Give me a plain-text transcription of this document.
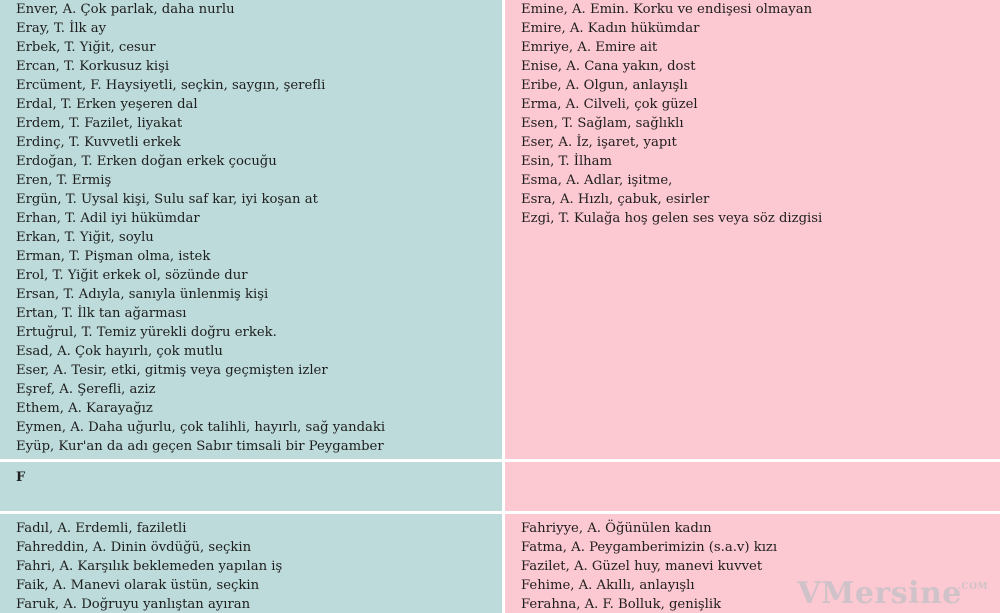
Enver, A. Çok parlak, daha nurlu
Eray, T. İlk ay
Erbek, T. Yiğit, cesur
Ercan, T. Korkusuz kişi
Ercüment, F. Haysiyetli, seçkin, saygın, şerefli
Erdal, T. Erken yeşeren dal
Erdem, T. Fazilet, liyakat
Erdinç, T. Kuvvetli erkek
Erdoğan, T. Erken doğan erkek çocuğu
Eren, T. Ermiş
Ergün, T. Uysal kişi, Sulu saf kar, iyi koşan at
Erhan, T. Adil iyi hükümdar
Erkan, T. Yiğit, soylu
Erman, T. Pişman olma, istek
Erol, T. Yiğit erkek ol, sözünde dur
Ersan, T. Adıyla, sanıyla ünlenmiş kişi
Ertan, T. İlk tan ağarması
Ertuğrul, T. Temiz yürekli doğru erkek.
Esad, A. Çok hayırlı, çok mutlu
Eser, A. Tesir, etki, gitmiş veya geçmişten izler
Eşref, A. Şerefli, aziz
Ethem, A. Karayağız
Eymen, A. Daha uğurlu, çok talihli, hayırlı, sağ yandaki
Eyüp, Kur'an da adı geçen Sabır timsali bir Peygamber
Emine, A. Emin. Korku ve endişesi olmayan
Emire, A. Kadın hükümdar
Emriye, A. Emire ait
Enise, A. Cana yakın, dost
Eribe, A. Olgun, anlayışlı
Erma, A. Cilveli, çok güzel
Esen, T. Sağlam, sağlıklı
Eser, A. İz, işaret, yapıt
Esin, T. İlham
Esma, A. Adlar, işitme,
Esra, A. Hızlı, çabuk, esirler
Ezgi, T. Kulağa hoş gelen ses veya söz dizgisi
F
Fadıl, A. Erdemli, faziletli
Fahreddin, A. Dinin övdüğü, seçkin
Fahri, A. Karşılık beklemeden yapılan iş
Faik, A. Manevi olarak üstün, seçkin
Faruk, A. Doğruyu yanlıştan ayıran
Fahriyye, A. Öğünülen kadın
Fatma, A. Peygamberimizin (s.a.v) kızı
Fazilet, A. Güzel huy, manevi kuvvet
Fehime, A. Akıllı, anlayışlı
Ferahna, A. F. Bolluk, genişlik	VMersine$^{.COM}$
